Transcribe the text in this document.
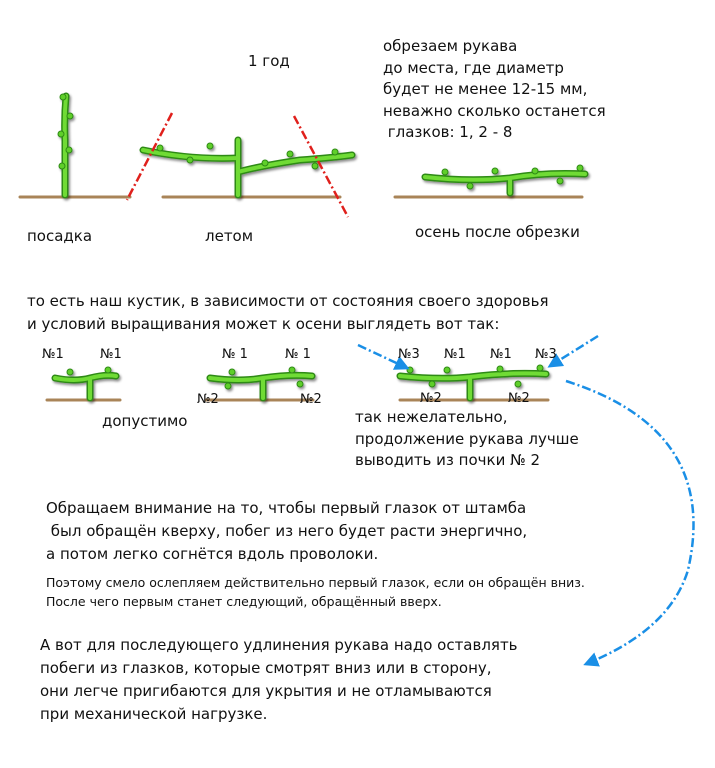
1 год
обрезаем рукава
до места, где диаметр
будет не менее 12-15 мм,
неважно сколько останется
глазков: 1, 2 - 8
посадка	летом	осень после обрезки
то есть наш кустик, в зависимости от состояния своего здоровья
и условий выращивания может к осени выглядеть вот так:
№1	№1
допустимо
№ 1	№ 1
№2	№2
№3 №1 №1 №3
№2	№2
так нежелательно,
продолжение рукава лучше
выводить из почки № 2
Обращаем внимание на то, чтобы первый глазок от штамба
был обращён кверху, побег из него будет расти энергично,
а потом легко согнётся вдоль проволоки.
Поэтому смело ослепляем действительно первый глазок, если он обращён вниз.
После чего первым станет следующий, обращённый вверх.
А вот для последующего удлинения рукава надо оставлять
побеги из глазков, которые смотрят вниз или в сторону,
они легче пригибаются для укрытия и не отламываются
при механической нагрузке.
